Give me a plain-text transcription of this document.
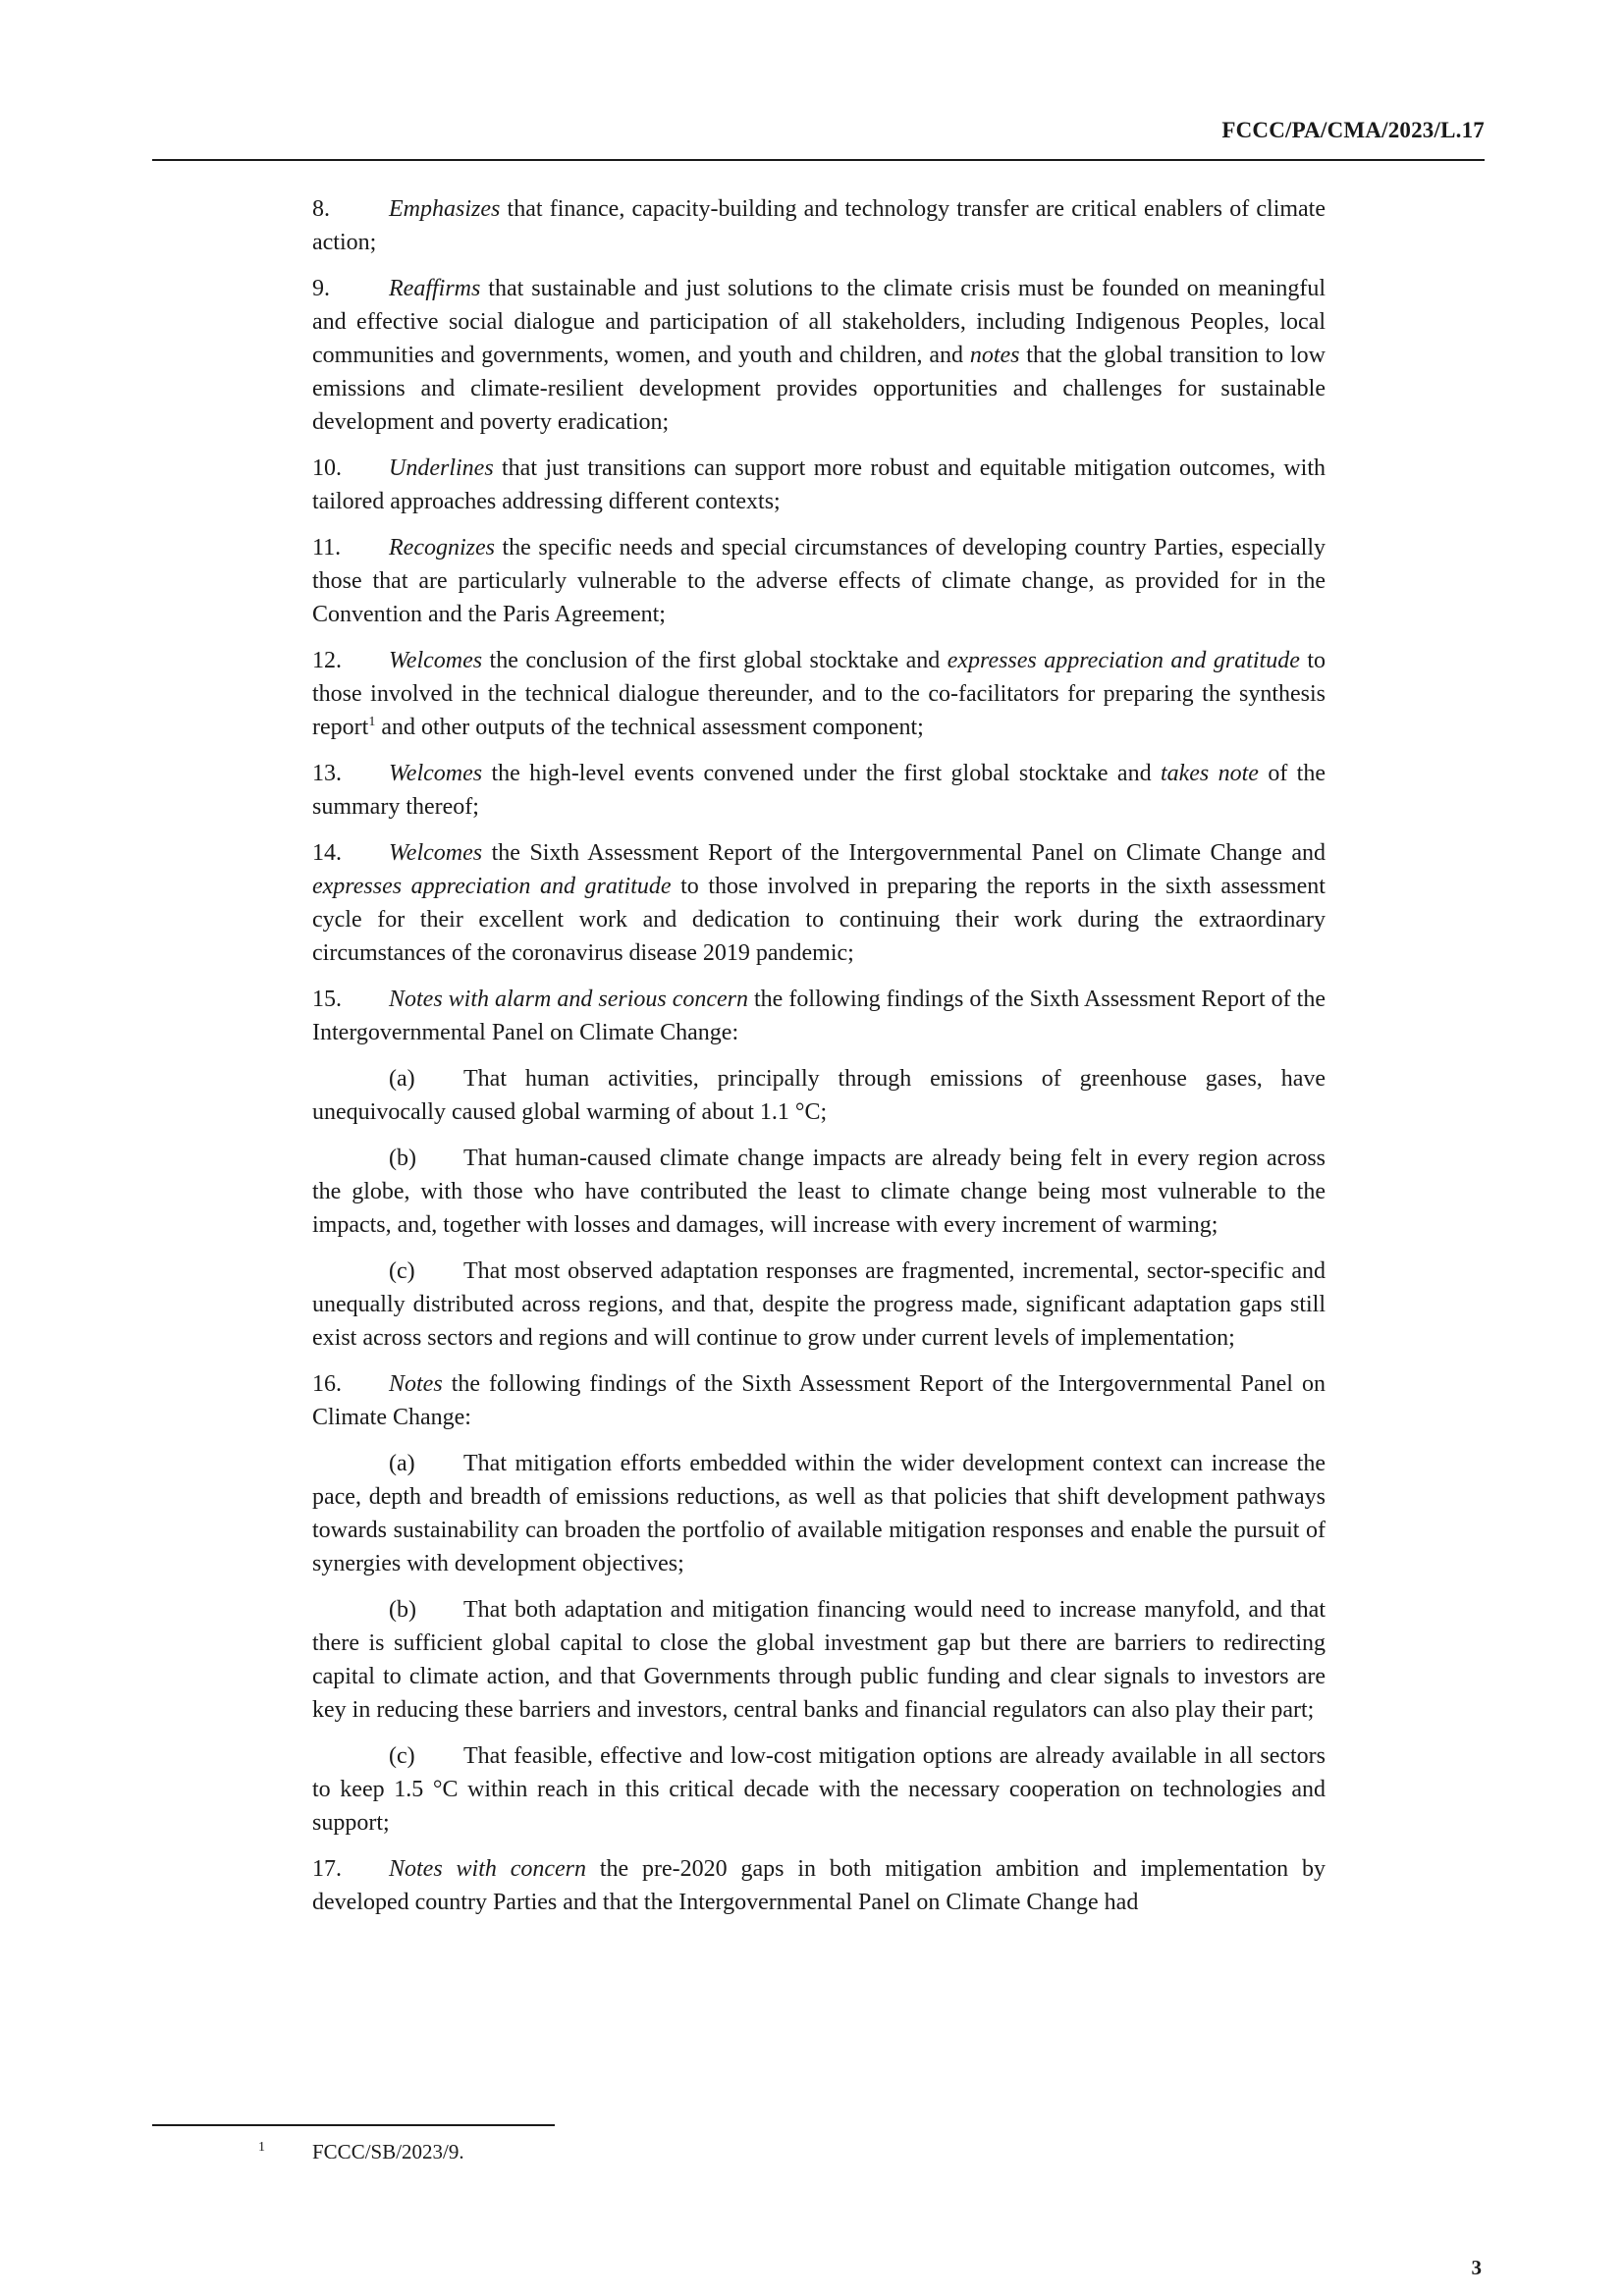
FCCC/PA/CMA/2023/L.17
8.	Emphasizes that finance, capacity-building and technology transfer are critical enablers of climate action;
9.	Reaffirms that sustainable and just solutions to the climate crisis must be founded on meaningful and effective social dialogue and participation of all stakeholders, including Indigenous Peoples, local communities and governments, women, and youth and children, and notes that the global transition to low emissions and climate-resilient development provides opportunities and challenges for sustainable development and poverty eradication;
10. Underlines that just transitions can support more robust and equitable mitigation outcomes, with tailored approaches addressing different contexts;
11. Recognizes the specific needs and special circumstances of developing country Parties, especially those that are particularly vulnerable to the adverse effects of climate change, as provided for in the Convention and the Paris Agreement;
12. Welcomes the conclusion of the first global stocktake and expresses appreciation and gratitude to those involved in the technical dialogue thereunder, and to the co-facilitators for preparing the synthesis report$^1$ and other outputs of the technical assessment component;
13. Welcomes the high-level events convened under the first global stocktake and takes note of the summary thereof;
14. Welcomes the Sixth Assessment Report of the Intergovernmental Panel on Climate Change and expresses appreciation and gratitude to those involved in preparing the reports in the sixth assessment cycle for their excellent work and dedication to continuing their work during the extraordinary circumstances of the coronavirus disease 2019 pandemic;
15. Notes with alarm and serious concern the following findings of the Sixth Assessment Report of the Intergovernmental Panel on Climate Change:
(a) That human activities, principally through emissions of greenhouse gases, have unequivocally caused global warming of about 1.1 °C;
(b) That human-caused climate change impacts are already being felt in every region across the globe, with those who have contributed the least to climate change being most vulnerable to the impacts, and, together with losses and damages, will increase with every increment of warming;
(c) That most observed adaptation responses are fragmented, incremental, sector-specific and unequally distributed across regions, and that, despite the progress made, significant adaptation gaps still exist across sectors and regions and will continue to grow under current levels of implementation;
16. Notes the following findings of the Sixth Assessment Report of the Intergovernmental Panel on Climate Change:
(a) That mitigation efforts embedded within the wider development context can increase the pace, depth and breadth of emissions reductions, as well as that policies that shift development pathways towards sustainability can broaden the portfolio of available mitigation responses and enable the pursuit of synergies with development objectives;
(b) That both adaptation and mitigation financing would need to increase manyfold, and that there is sufficient global capital to close the global investment gap but there are barriers to redirecting capital to climate action, and that Governments through public funding and clear signals to investors are key in reducing these barriers and investors, central banks and financial regulators can also play their part;
(c) That feasible, effective and low-cost mitigation options are already available in all sectors to keep 1.5 °C within reach in this critical decade with the necessary cooperation on technologies and support;
17. Notes with concern the pre-2020 gaps in both mitigation ambition and implementation by developed country Parties and that the Intergovernmental Panel on Climate Change had
$^1$ FCCC/SB/2023/9.
3
